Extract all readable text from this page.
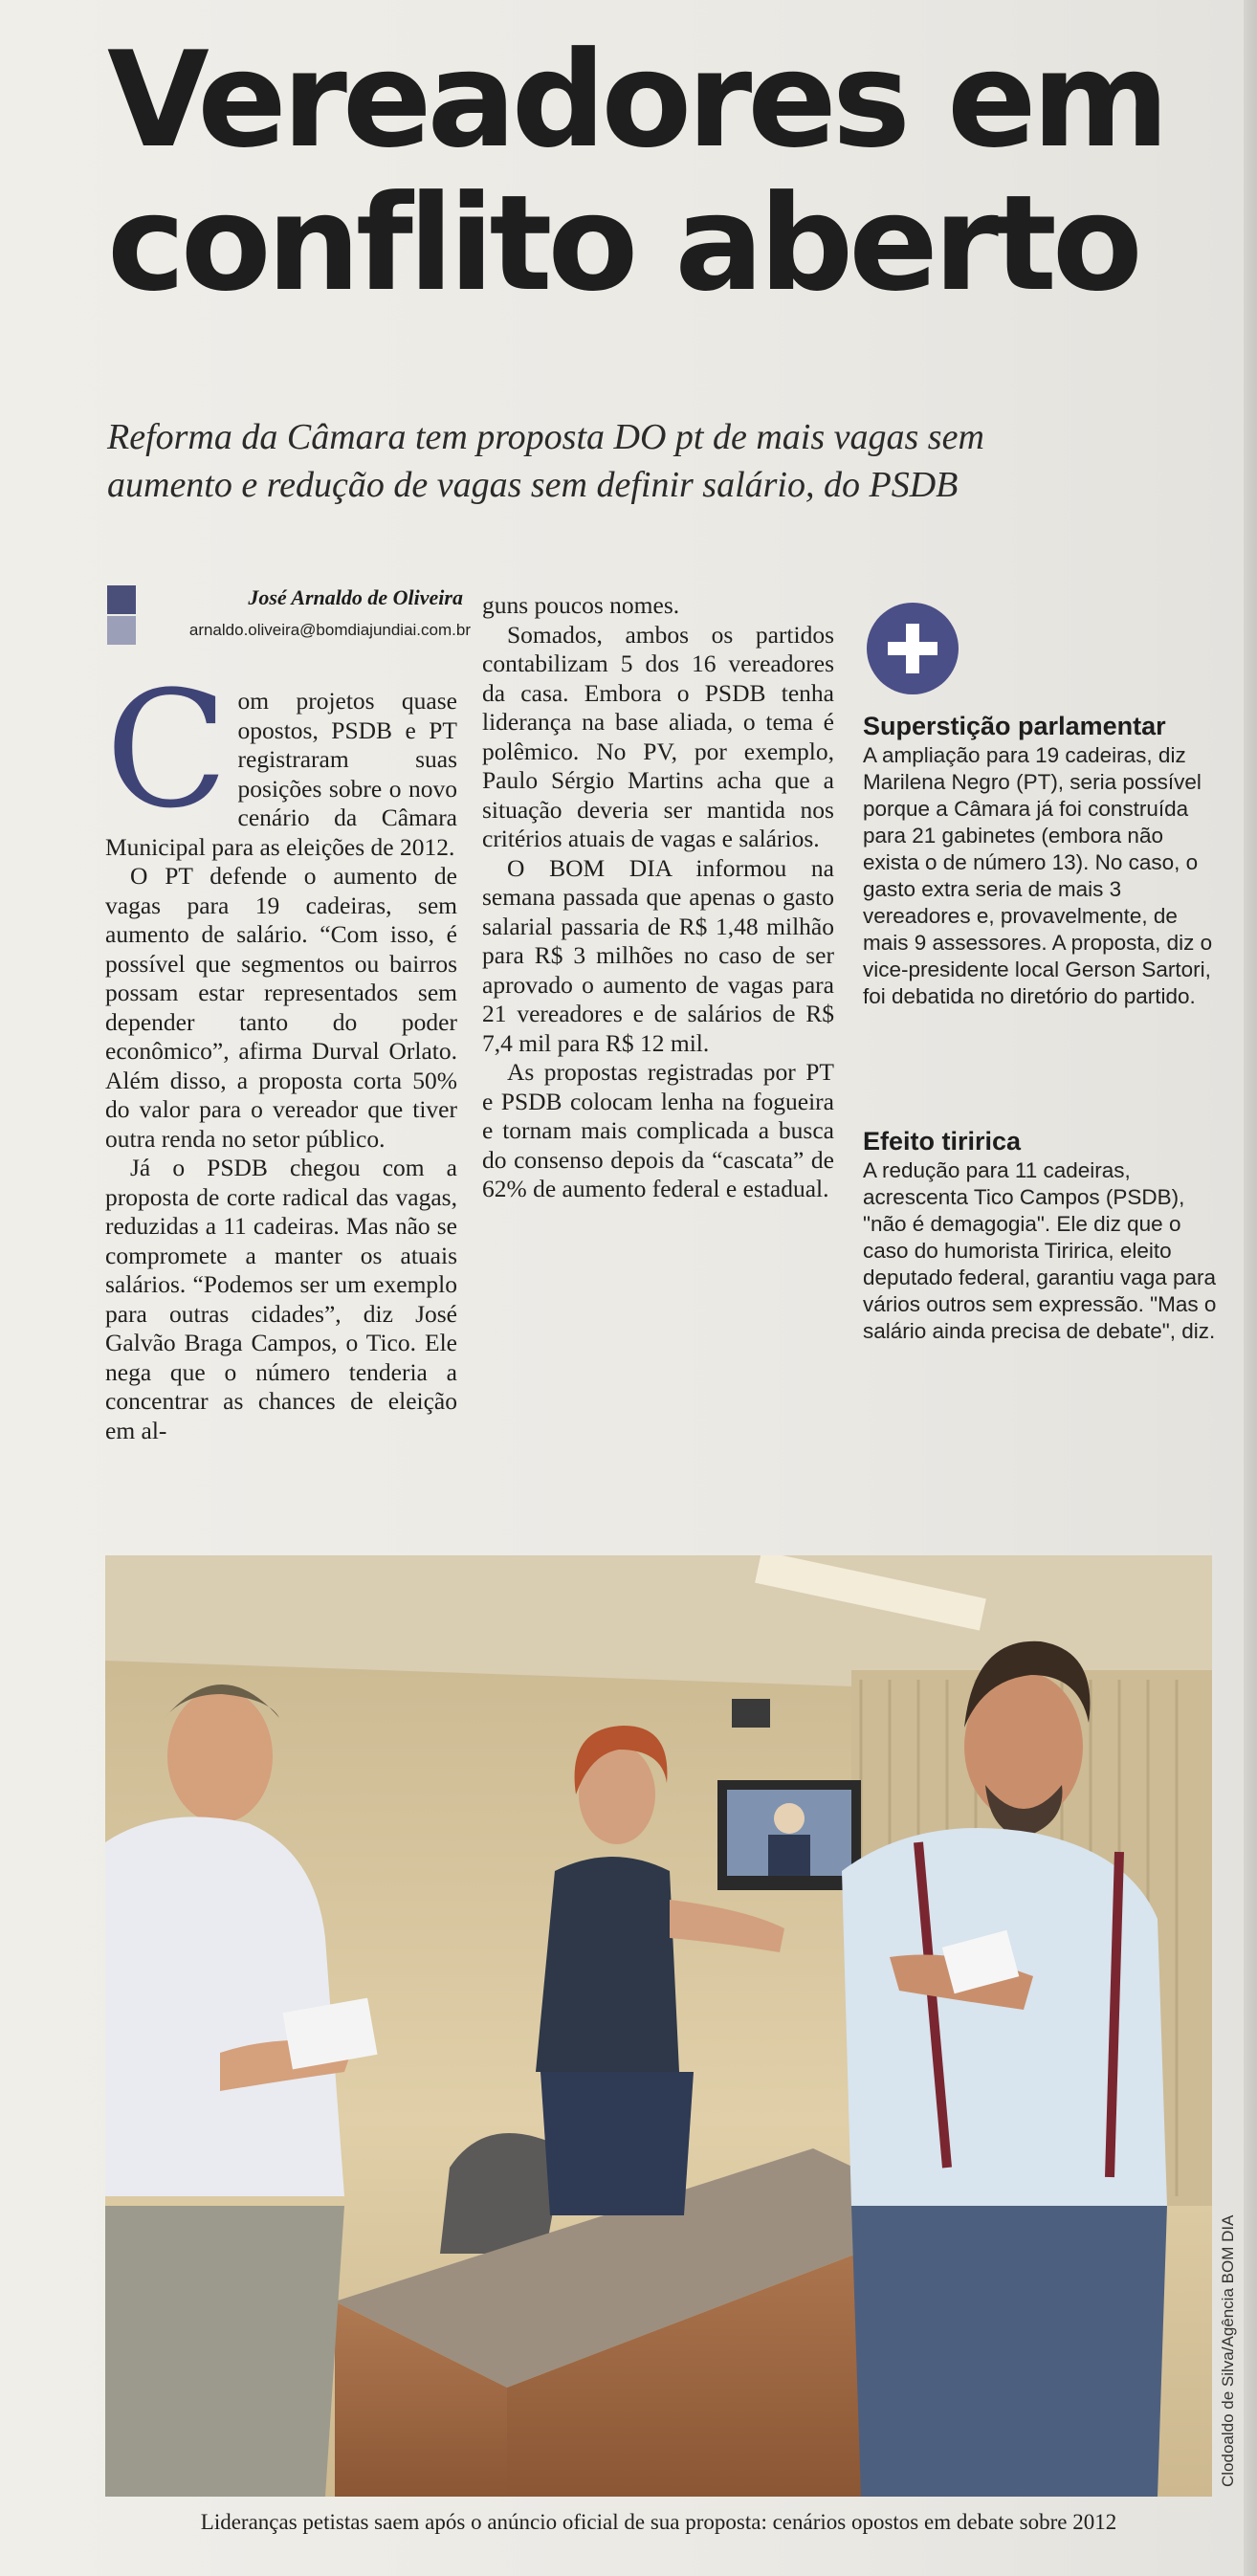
Vereadores em
conflito aberto

Reforma da Câmara tem proposta DO pt de mais vagas sem
aumento e redução de vagas sem definir salário, do PSDB

José Arnaldo de Oliveira

arnaldo.oliveira@bomdiajundiai.com.br

Com projetos quase opostos, PSDB e PT registraram suas posições sobre o novo cenário da Câmara Municipal para as eleições de 2012.

O PT defende o aumento de vagas para 19 cadeiras, sem aumento de salário. “Com isso, é possível que segmentos ou bairros possam estar representados sem depender tanto do poder econômico”, afirma Durval Orlato. Além disso, a proposta corta 50% do valor para o vereador que tiver outra renda no setor público.

Já o PSDB chegou com a proposta de corte radical das vagas, reduzidas a 11 cadeiras. Mas não se compromete a manter os atuais salários. “Podemos ser um exemplo para outras cidades”, diz José Galvão Braga Campos, o Tico. Ele nega que o número tenderia a concentrar as chances de eleição em al-

guns poucos nomes.

Somados, ambos os partidos contabilizam 5 dos 16 vereadores da casa. Embora o PSDB tenha liderança na base aliada, o tema é polêmico. No PV, por exemplo, Paulo Sérgio Martins acha que a situação deveria ser mantida nos critérios atuais de vagas e salários.

O BOM DIA informou na semana passada que apenas o gasto salarial passaria de R$ 1,48 milhão para R$ 3 milhões no caso de ser aprovado o aumento de vagas para 21 vereadores e de salários de R$ 7,4 mil para R$ 12 mil.

As propostas registradas por PT e PSDB colocam lenha na fogueira e tornam mais complicada a busca do consenso depois da “cascata” de 62% de aumento federal e estadual.

Superstição parlamentar

A ampliação para 19 cadeiras, diz Marilena Negro (PT), seria possível porque a Câmara já foi construída para 21 gabinetes (embora não exista o de número 13). No caso, o gasto extra seria de mais 3 vereadores e, provavelmente, de mais 9 assessores. A proposta, diz o vice-presidente local Gerson Sartori, foi debatida no diretório do partido.

Efeito tiririca

A redução para 11 cadeiras, acrescenta Tico Campos (PSDB), "não é demagogia". Ele diz que o caso do humorista Tiririca, eleito deputado federal, garantiu vaga para vários outros sem expressão. "Mas o salário ainda precisa de debate", diz.

Clodoaldo de Silva/Agência BOM DIA

Lideranças petistas saem após o anúncio oficial de sua proposta: cenários opostos em debate sobre 2012
